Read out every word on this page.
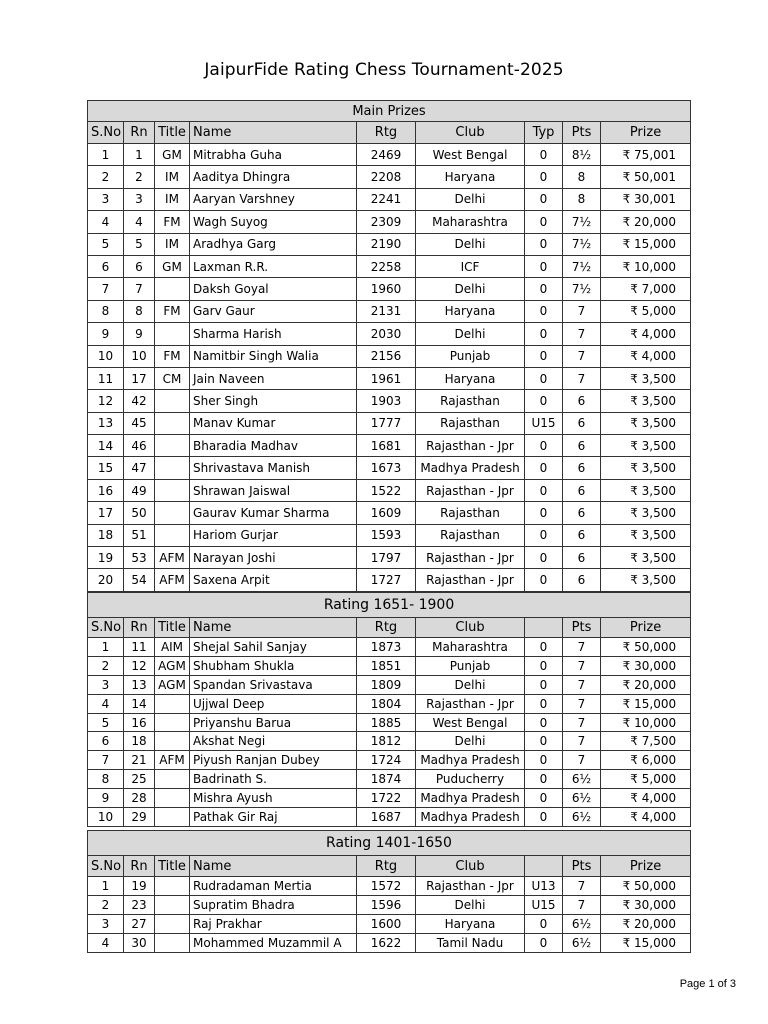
JaipurFide Rating Chess Tournament-2025
Main Prizes								
S.No	Rn	Title	Name	Rtg	Club	Typ	Pts	Prize
1	1	GM	Mitrabha Guha	2469	West Bengal	0	8½	₹ 75,001
2	2	IM	Aaditya Dhingra	2208	Haryana	0	8	₹ 50,001
3	3	IM	Aaryan Varshney	2241	Delhi	0	8	₹ 30,001
4	4	FM	Wagh Suyog	2309	Maharashtra	0	7½	₹ 20,000
5	5	IM	Aradhya Garg	2190	Delhi	0	7½	₹ 15,000
6	6	GM	Laxman R.R.	2258	ICF	0	7½	₹ 10,000
7	7		Daksh Goyal	1960	Delhi	0	7½	₹ 7,000
8	8	FM	Garv Gaur	2131	Haryana	0	7	₹ 5,000
9	9		Sharma Harish	2030	Delhi	0	7	₹ 4,000
10	10	FM	Namitbir Singh Walia	2156	Punjab	0	7	₹ 4,000
11	17	CM	Jain Naveen	1961	Haryana	0	7	₹ 3,500
12	42		Sher Singh	1903	Rajasthan	0	6	₹ 3,500
13	45		Manav Kumar	1777	Rajasthan	U15	6	₹ 3,500
14	46		Bharadia Madhav	1681	Rajasthan - Jpr	0	6	₹ 3,500
15	47		Shrivastava Manish	1673	Madhya Pradesh	0	6	₹ 3,500
16	49		Shrawan Jaiswal	1522	Rajasthan - Jpr	0	6	₹ 3,500
17	50		Gaurav Kumar Sharma	1609	Rajasthan	0	6	₹ 3,500
18	51		Hariom Gurjar	1593	Rajasthan	0	6	₹ 3,500
19	53	AFM	Narayan Joshi	1797	Rajasthan - Jpr	0	6	₹ 3,500
20	54	AFM	Saxena Arpit	1727	Rajasthan - Jpr	0	6	₹ 3,500
Rating 1651- 1900								
S.No	Rn	Title	Name	Rtg	Club		Pts	Prize
1	11	AIM	Shejal Sahil Sanjay	1873	Maharashtra	0	7	₹ 50,000
2	12	AGM	Shubham Shukla	1851	Punjab	0	7	₹ 30,000
3	13	AGM	Spandan Srivastava	1809	Delhi	0	7	₹ 20,000
4	14		Ujjwal Deep	1804	Rajasthan - Jpr	0	7	₹ 15,000
5	16		Priyanshu Barua	1885	West Bengal	0	7	₹ 10,000
6	18		Akshat Negi	1812	Delhi	0	7	₹ 7,500
7	21	AFM	Piyush Ranjan Dubey	1724	Madhya Pradesh	0	7	₹ 6,000
8	25		Badrinath S.	1874	Puducherry	0	6½	₹ 5,000
9	28		Mishra Ayush	1722	Madhya Pradesh	0	6½	₹ 4,000
10	29		Pathak Gir Raj	1687	Madhya Pradesh	0	6½	₹ 4,000
Rating 1401-1650								
S.No	Rn	Title	Name	Rtg	Club		Pts	Prize
1	19		Rudradaman Mertia	1572	Rajasthan - Jpr	U13	7	₹ 50,000
2	23		Supratim Bhadra	1596	Delhi	U15	7	₹ 30,000
3	27		Raj Prakhar	1600	Haryana	0	6½	₹ 20,000
4	30		Mohammed Muzammil A	1622	Tamil Nadu	0	6½	₹ 15,000
Page 1 of 3
